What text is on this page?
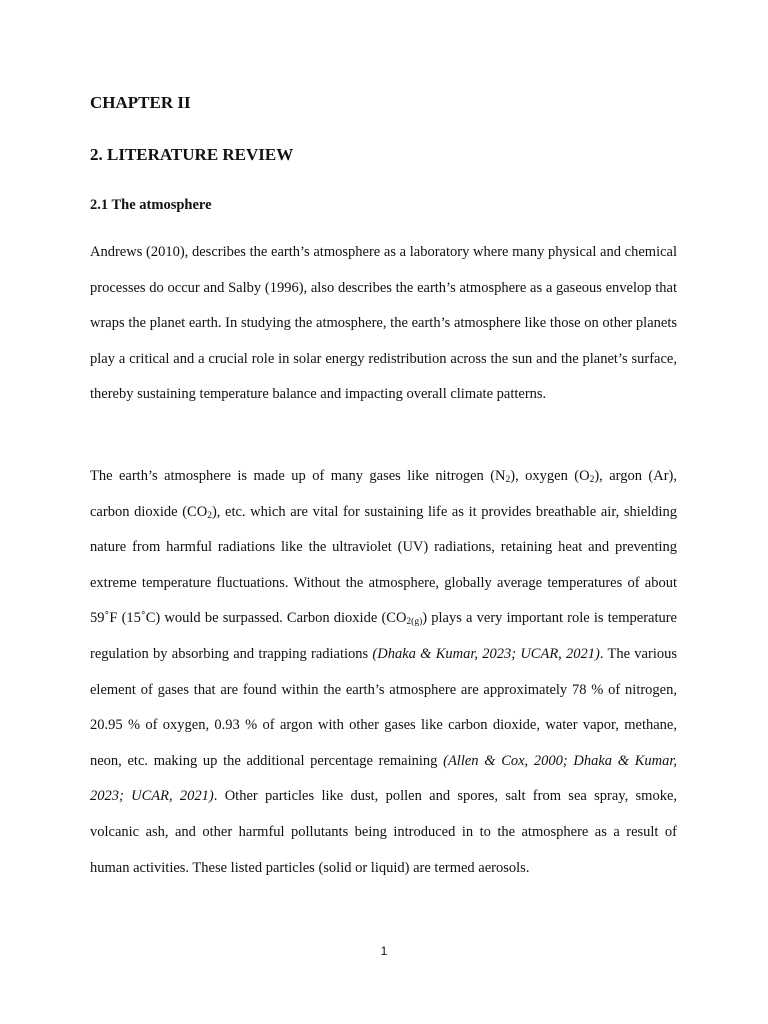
CHAPTER II
2. LITERATURE REVIEW
2.1 The atmosphere

Andrews (2010), describes the earth’s atmosphere as a laboratory where many physical and chemical processes do occur and Salby (1996), also describes the earth’s atmosphere as a gaseous envelop that wraps the planet earth. In studying the atmosphere, the earth’s atmosphere like those on other planets play a critical and a crucial role in solar energy redistribution across the sun and the planet’s surface, thereby sustaining temperature balance and impacting overall climate patterns.

The earth’s atmosphere is made up of many gases like nitrogen $(N_2)$, oxygen $(O_2)$, argon (Ar), carbon dioxide $(CO_2)$, etc. which are vital for sustaining life as it provides breathable air, shielding nature from harmful radiations like the ultraviolet (UV) radiations, retaining heat and preventing extreme temperature fluctuations. Without the atmosphere, globally average temperatures of about 59˚F (15˚C) would be surpassed. Carbon dioxide $(CO_{2(g)})$ plays a very important role is temperature regulation by absorbing and trapping radiations (Dhaka & Kumar, 2023; UCAR, 2021). The various element of gases that are found within the earth’s atmosphere are approximately 78 % of nitrogen, 20.95 % of oxygen, 0.93 % of argon with other gases like carbon dioxide, water vapor, methane, neon, etc. making up the additional percentage remaining (Allen & Cox, 2000; Dhaka & Kumar, 2023; UCAR, 2021). Other particles like dust, pollen and spores, salt from sea spray, smoke, volcanic ash, and other harmful pollutants being introduced in to the atmosphere as a result of human activities. These listed particles (solid or liquid) are termed aerosols.

1
